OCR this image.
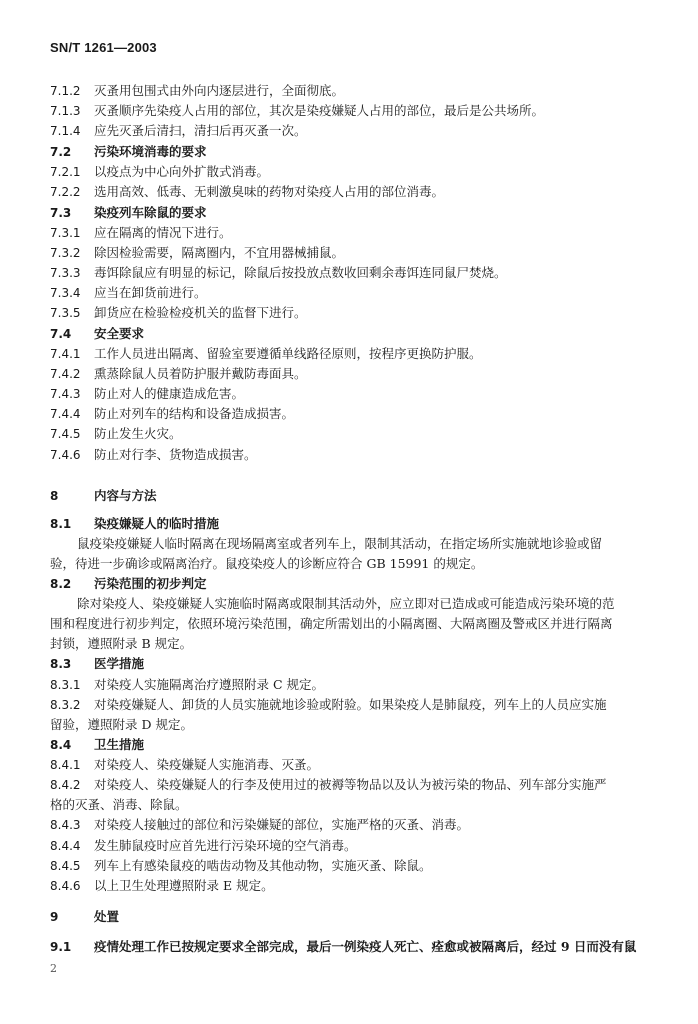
SN/T 1261—2003
7.1.2 灭蚤用包围式由外向内逐层进行，全面彻底。
7.1.3 灭蚤顺序先染疫人占用的部位，其次是染疫嫌疑人占用的部位，最后是公共场所。
7.1.4 应先灭蚤后清扫，清扫后再灭蚤一次。
7.2 污染环境消毒的要求
7.2.1 以疫点为中心向外扩散式消毒。
7.2.2 选用高效、低毒、无刺激臭味的药物对染疫人占用的部位消毒。
7.3 染疫列车除鼠的要求
7.3.1 应在隔离的情况下进行。
7.3.2 除因检验需要，隔离圈内，不宜用器械捕鼠。
7.3.3 毒饵除鼠应有明显的标记，除鼠后按投放点数收回剩余毒饵连同鼠尸焚烧。
7.3.4 应当在卸货前进行。
7.3.5 卸货应在检验检疫机关的监督下进行。
7.4 安全要求
7.4.1 工作人员进出隔离、留验室要遵循单线路径原则，按程序更换防护服。
7.4.2 熏蒸除鼠人员着防护服并戴防毒面具。
7.4.3 防止对人的健康造成危害。
7.4.4 防止对列车的结构和设备造成损害。
7.4.5 防止发生火灾。
7.4.6 防止对行李、货物造成损害。
8	内容与方法
8.1 染疫嫌疑人的临时措施
鼠疫染疫嫌疑人临时隔离在现场隔离室或者列车上，限制其活动，在指定场所实施就地诊验或留
验，待进一步确诊或隔离治疗。鼠疫染疫人的诊断应符合 GB 15991 的规定。
8.2 污染范围的初步判定
除对染疫人、染疫嫌疑人实施临时隔离或限制其活动外，应立即对已造成或可能造成污染环境的范
围和程度进行初步判定，依照环境污染范围，确定所需划出的小隔离圈、大隔离圈及警戒区并进行隔离
封锁，遵照附录 B 规定。
8.3 医学措施
8.3.1 对染疫人实施隔离治疗遵照附录 C 规定。
8.3.2 对染疫嫌疑人、卸货的人员实施就地诊验或附验。如果染疫人是肺鼠疫，列车上的人员应实施
留验，遵照附录 D 规定。
8.4 卫生措施
8.4.1 对染疫人、染疫嫌疑人实施消毒、灭蚤。
8.4.2 对染疫人、染疫嫌疑人的行李及使用过的被褥等物品以及认为被污染的物品、列车部分实施严
格的灭蚤、消毒、除鼠。
8.4.3 对染疫人接触过的部位和污染嫌疑的部位，实施严格的灭蚤、消毒。
8.4.4 发生肺鼠疫时应首先进行污染环境的空气消毒。
8.4.5 列车上有感染鼠疫的啮齿动物及其他动物，实施灭蚤、除鼠。
8.4.6 以上卫生处理遵照附录 E 规定。
9	处置
9.1 疫情处理工作已按规定要求全部完成，最后一例染疫人死亡、痊愈或被隔离后，经过 9 日而没有鼠
2
